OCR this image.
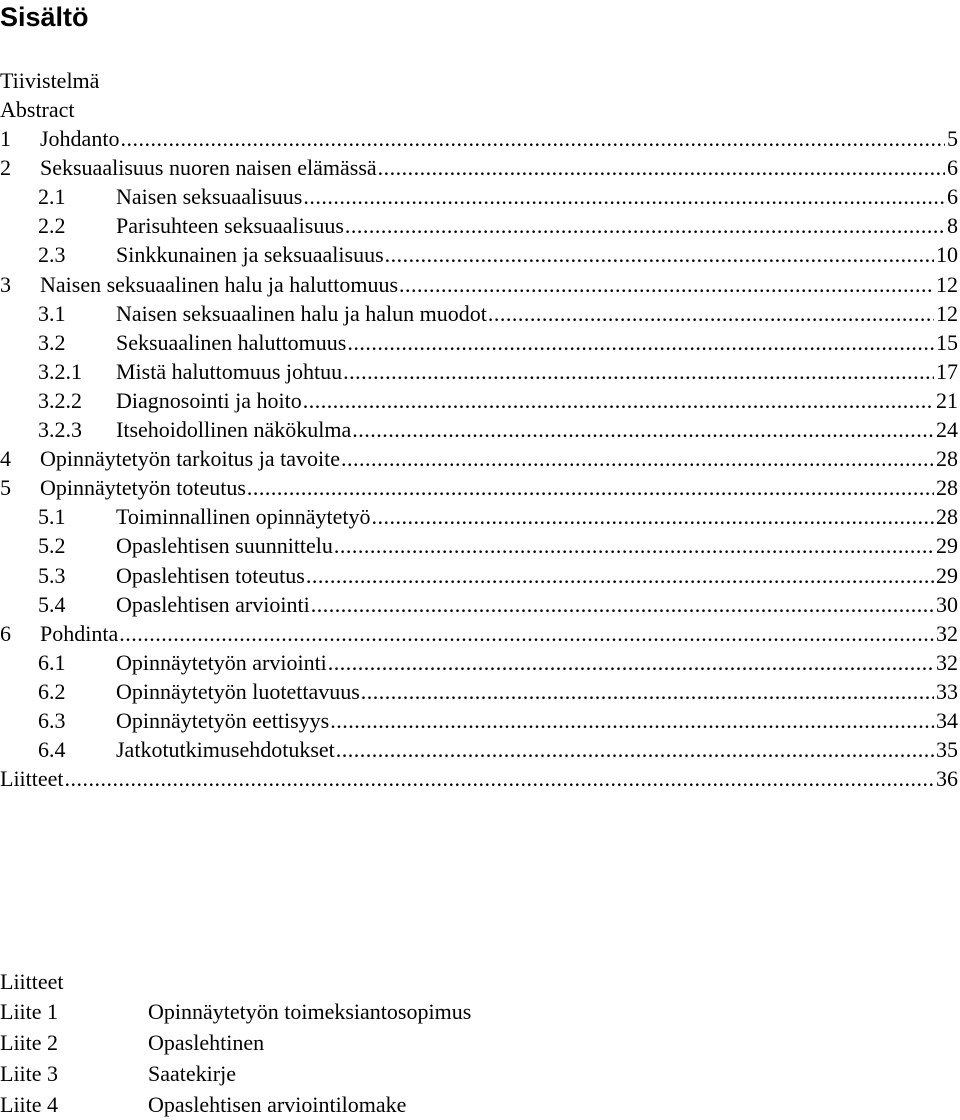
Sisältö
Tiivistelmä
Abstract
1	Johdanto .....	5
2	Seksuaalisuus nuoren naisen elämässä .....	6
2.1	Naisen seksuaalisuus .....	6
2.2	Parisuhteen seksuaalisuus .....	8
2.3	Sinkkunainen ja seksuaalisuus .....	10
3	Naisen seksuaalinen halu ja haluttomuus .....	12
3.1	Naisen seksuaalinen halu ja halun muodot .....	12
3.2	Seksuaalinen haluttomuus .....	15
3.2.1	Mistä haluttomuus johtuu .....	17
3.2.2	Diagnosointi ja hoito .....	21
3.2.3	Itsehoidollinen näkökulma .....	24
4	Opinnäytetyön tarkoitus ja tavoite .....	28
5	Opinnäytetyön toteutus .....	28
5.1	Toiminnallinen opinnäytetyö .....	28
5.2	Opaslehtisen suunnittelu .....	29
5.3	Opaslehtisen toteutus .....	29
5.4	Opaslehtisen arviointi .....	30
6	Pohdinta .....	32
6.1	Opinnäytetyön arviointi .....	32
6.2	Opinnäytetyön luotettavuus .....	33
6.3	Opinnäytetyön eettisyys .....	34
6.4	Jatkotutkimusehdotukset .....	35
Liitteet .....	36
Liitteet
Liite 1	Opinnäytetyön toimeksiantosopimus
Liite 2	Opaslehtinen
Liite 3	Saatekirje
Liite 4	Opaslehtisen arviointilomake
